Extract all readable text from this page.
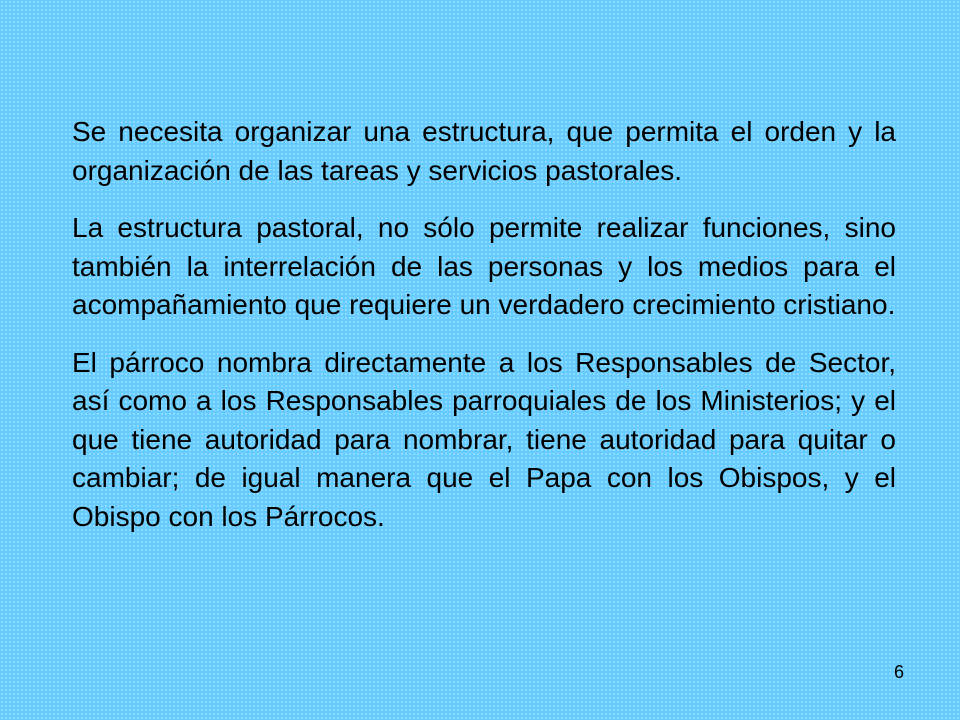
Se necesita organizar una estructura, que permita el orden y la organización de las tareas y servicios pastorales.

La estructura pastoral, no sólo permite realizar funciones, sino también la interrelación de las personas y los medios para el acompañamiento que requiere un verdadero crecimiento cristiano.

El párroco nombra directamente a los Responsables de Sector, así como a los Responsables parroquiales de los Ministerios; y el que tiene autoridad para nombrar, tiene autoridad para quitar o cambiar; de igual manera que el Papa con los Obispos, y el Obispo con los Párrocos.

6
